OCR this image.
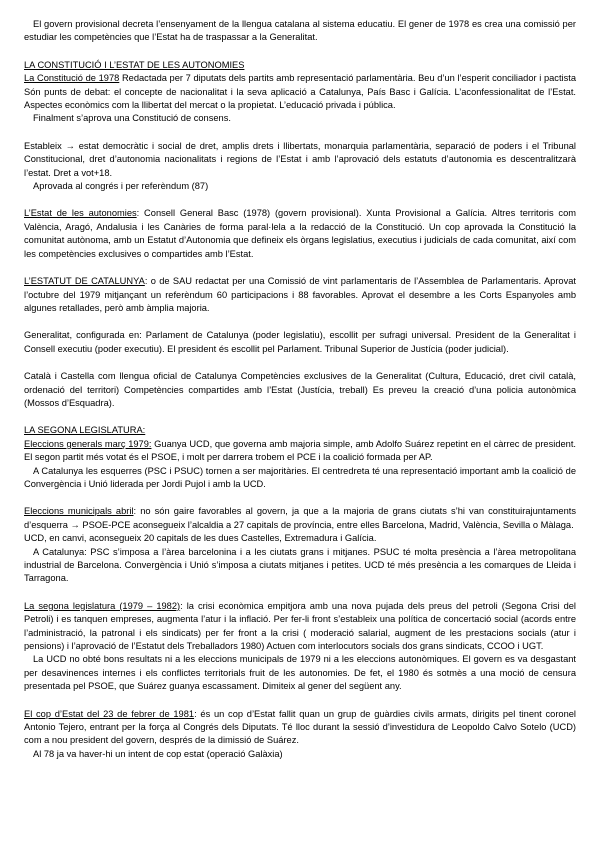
El govern provisional decreta l’ensenyament de la llengua catalana al sistema educatiu. El gener de 1978 es crea una comissió per estudiar les competències que l’Estat ha de traspassar a la Generalitat.

LA CONSTITUCIÓ I L’ESTAT DE LES AUTONOMIES

La Constitució de 1978 Redactada per 7 diputats dels partits amb representació parlamentària. Beu d’un l’esperit conciliador i pactista Són punts de debat: el concepte de nacionalitat i la seva aplicació a Catalunya, País Basc i Galícia. L’aconfessionalitat de l’Estat. Aspectes econòmics com la llibertat del mercat o la propietat. L’educació privada i pública.

Finalment s’aprova una Constitució de consens.

Estableix → estat democràtic i social de dret, amplis drets i llibertats, monarquia parlamentària, separació de poders i el Tribunal Constitucional, dret d’autonomia nacionalitats i regions de l’Estat i amb l’aprovació dels estatuts d’autonomia es descentralitzarà l’estat. Dret a vot+18.

Aprovada al congrés i per referèndum (87)

L’Estat de les autonomies: Consell General Basc (1978) (govern provisional). Xunta Provisional a Galícia. Altres territoris com València, Aragó, Andalusia i les Canàries de forma paral·lela a la redacció de la Constitució. Un cop aprovada la Constitució la comunitat autònoma, amb un Estatut d’Autonomia que defineix els òrgans legislatius, executius i judicials de cada comunitat, així com les competències exclusives o compartides amb l’Estat.

L’ESTATUT DE CATALUNYA: o de SAU redactat per una Comissió de vint parlamentaris de l’Assemblea de Parlamentaris. Aprovat l’octubre del 1979 mitjançant un referèndum 60 participacions i 88 favorables. Aprovat el desembre a les Corts Espanyoles amb algunes retallades, però amb àmplia majoria.

Generalitat, configurada en: Parlament de Catalunya (poder legislatiu), escollit per sufragi universal. President de la Generalitat i Consell executiu (poder executiu). El president és escollit pel Parlament. Tribunal Superior de Justícia (poder judicial).

Català i Castella com llengua oficial de Catalunya Competències exclusives de la Generalitat (Cultura, Educació, dret civil català, ordenació del territori) Competències compartides amb l’Estat (Justícia, treball) Es preveu la creació d’una policia autonòmica (Mossos d’Esquadra).

LA SEGONA LEGISLATURA:

Eleccions generals març 1979: Guanya UCD, que governa amb majoria simple, amb Adolfo Suárez repetint en el càrrec de president. El segon partit més votat és el PSOE, i molt per darrera trobem el PCE i la coalició formada per AP.

A Catalunya les esquerres (PSC i PSUC) tornen a ser majoritàries. El centredreta té una representació important amb la coalició de Convergència i Unió liderada per Jordi Pujol i amb la UCD.

Eleccions municipals abril: no són gaire favorables al govern, ja que a la majoria de grans ciutats s’hi van constituirajuntaments d’esquerra → PSOE-PCE aconsegueix l’alcaldia a 27 capitals de província, entre elles Barcelona, Madrid, València, Sevilla o Màlaga.

UCD, en canvi, aconsegueix 20 capitals de les dues Castelles, Extremadura i Galícia.

A Catalunya: PSC s’imposa a l’àrea barcelonina i a les ciutats grans i mitjanes. PSUC té molta presència a l’àrea metropolitana industrial de Barcelona. Convergència i Unió s’imposa a ciutats mitjanes i petites. UCD té més presència a les comarques de Lleida i Tarragona.

La segona legislatura (1979 – 1982): la crisi econòmica empitjora amb una nova pujada dels preus del petroli (Segona Crisi del Petroli) i es tanquen empreses, augmenta l’atur i la inflació. Per fer-li front s’estableix una política de concertació social (acords entre l’administració, la patronal i els sindicats) per fer front a la crisi ( moderació salarial, augment de les prestacions socials (atur i pensions) i l’aprovació de l’Estatut dels Treballadors 1980) Actuen com interlocutors socials dos grans sindicats, CCOO i UGT.

La UCD no obté bons resultats ni a les eleccions municipals de 1979 ni a les eleccions autonòmiques. El govern es va desgastant per desavinences internes i els conflictes territorials fruit de les autonomies. De fet, el 1980 és sotmès a una moció de censura presentada pel PSOE, que Suárez guanya escassament. Dimiteix al gener del següent any.

El cop d’Estat del 23 de febrer de 1981: és un cop d’Estat fallit quan un grup de guàrdies civils armats, dirigits pel tinent coronel Antonio Tejero, entrant per la força al Congrés dels Diputats. Té lloc durant la sessió d’investidura de Leopoldo Calvo Sotelo (UCD) com a nou president del govern, després de la dimissió de Suárez.

Al 78 ja va haver-hi un intent de cop estat (operació Galàxia)
